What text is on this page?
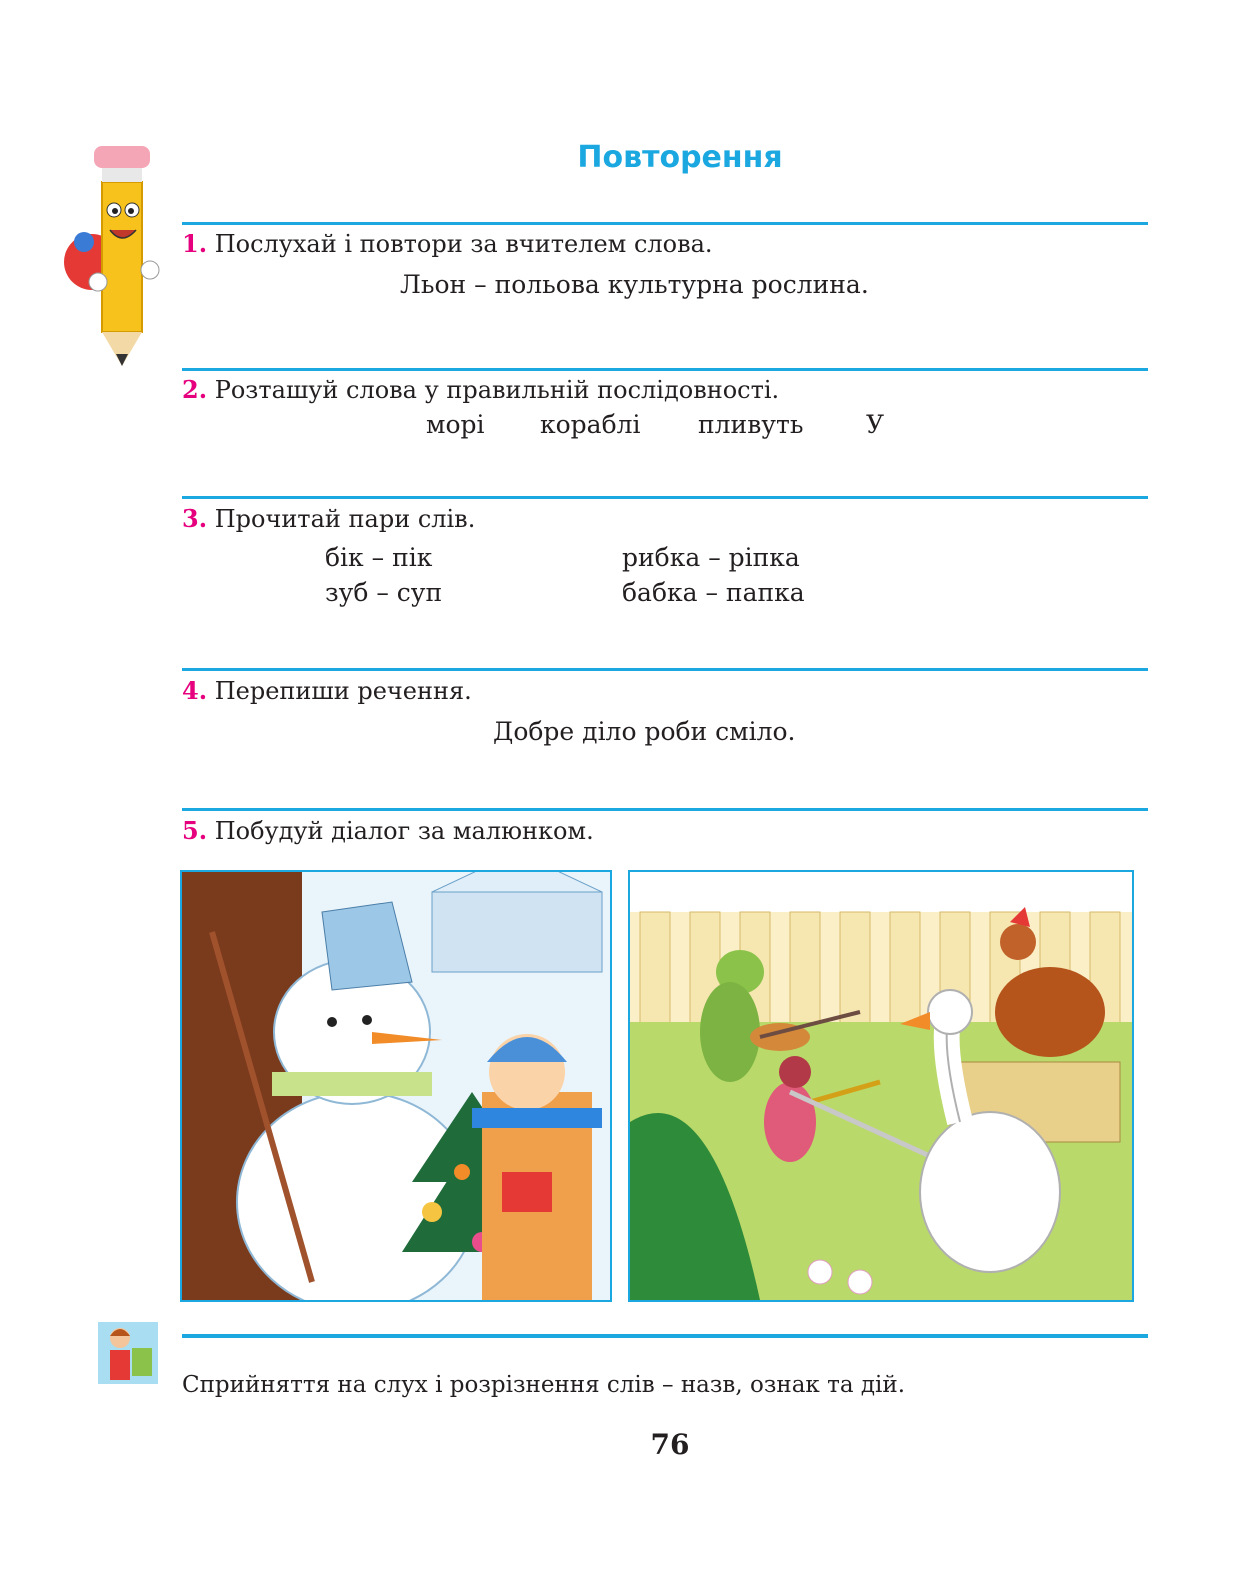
Повторення
1. Послухай і повтори за вчителем слова.
Льон – польова культурна рослина.
2. Розташуй слова у правильній послідовності.
морі кораблі пливуть	У
3. Прочитай пари слів.
бік – пік	рибка – ріпка
зуб – суп	бабка – папка
4. Перепиши речення.
Добре діло роби сміло.
5. Побудуй діалог за малюнком.
Сприйняття на слух і розрізнення слів – назв, ознак та дій.
76
